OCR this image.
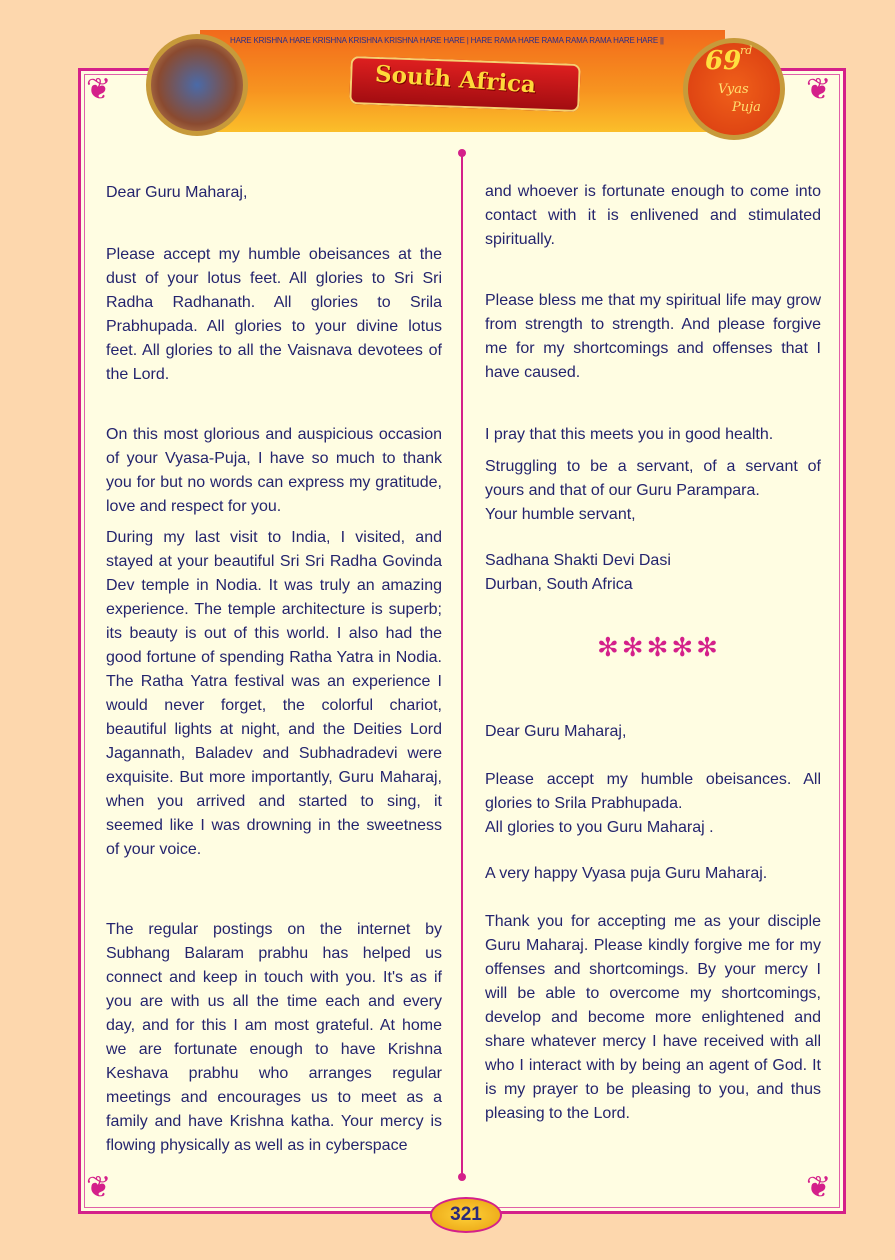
❦	❦
❦	❦
HARE KRISHNA HARE KRISHNA KRISHNA KRISHNA HARE HARE | HARE RAMA HARE RAMA RAMA RAMA HARE HARE ||
South Africa	69
rd
Vyas
Puja

Dear Guru Maharaj,

Please accept my humble obeisances at the dust of your lotus feet. All glories to Sri Sri Radha Radhanath. All glories to Srila Prabhupada. All glories to your divine lotus feet. All glories to all the Vaisnava devotees of the Lord.

On this most glorious and auspicious occasion of your Vyasa-Puja, I have so much to thank you for but no words can express my gratitude, love and respect for you.

During my last visit to India, I visited, and stayed at your beautiful Sri Sri Radha Govinda Dev temple in Nodia. It was truly an amazing experience. The temple architecture is superb; its beauty is out of this world. I also had the good fortune of spending Ratha Yatra in Nodia. The Ratha Yatra festival was an experience I would never forget, the colorful chariot, beautiful lights at night, and the Deities Lord Jagannath, Baladev and Subhadradevi were exquisite. But more importantly, Guru Maharaj, when you arrived and started to sing, it seemed like I was drowning in the sweetness of your voice.

The regular postings on the internet by Subhang Balaram prabhu has helped us connect and keep in touch with you. It's as if you are with us all the time each and every day, and for this I am most grateful. At home we are fortunate enough to have Krishna Keshava prabhu who arranges regular meetings and encourages us to meet as a family and have Krishna katha. Your mercy is flowing physically as well as in cyberspace

and whoever is fortunate enough to come into contact with it is enlivened and stimulated spiritually.

Please bless me that my spiritual life may grow from strength to strength. And please forgive me for my shortcomings and offenses that I have caused.

I pray that this meets you in good health.

Struggling to be a servant, of a servant of yours and that of our Guru Parampara.

Your humble servant,

Sadhana Shakti Devi Dasi

Durban, South Africa

Dear Guru Maharaj,

Please accept my humble obeisances. All glories to Srila Prabhupada.

All glories to you Guru Maharaj .

A very happy Vyasa puja Guru Maharaj.

Thank you for accepting me as your disciple Guru Maharaj. Please kindly forgive me for my offenses and shortcomings. By your mercy I will be able to overcome my shortcomings, develop and become more enlightened and share whatever mercy I have received with all who I interact with by being an agent of God. It is my prayer to be pleasing to you, and thus pleasing to the Lord.

✻✻✻✻✻
321
